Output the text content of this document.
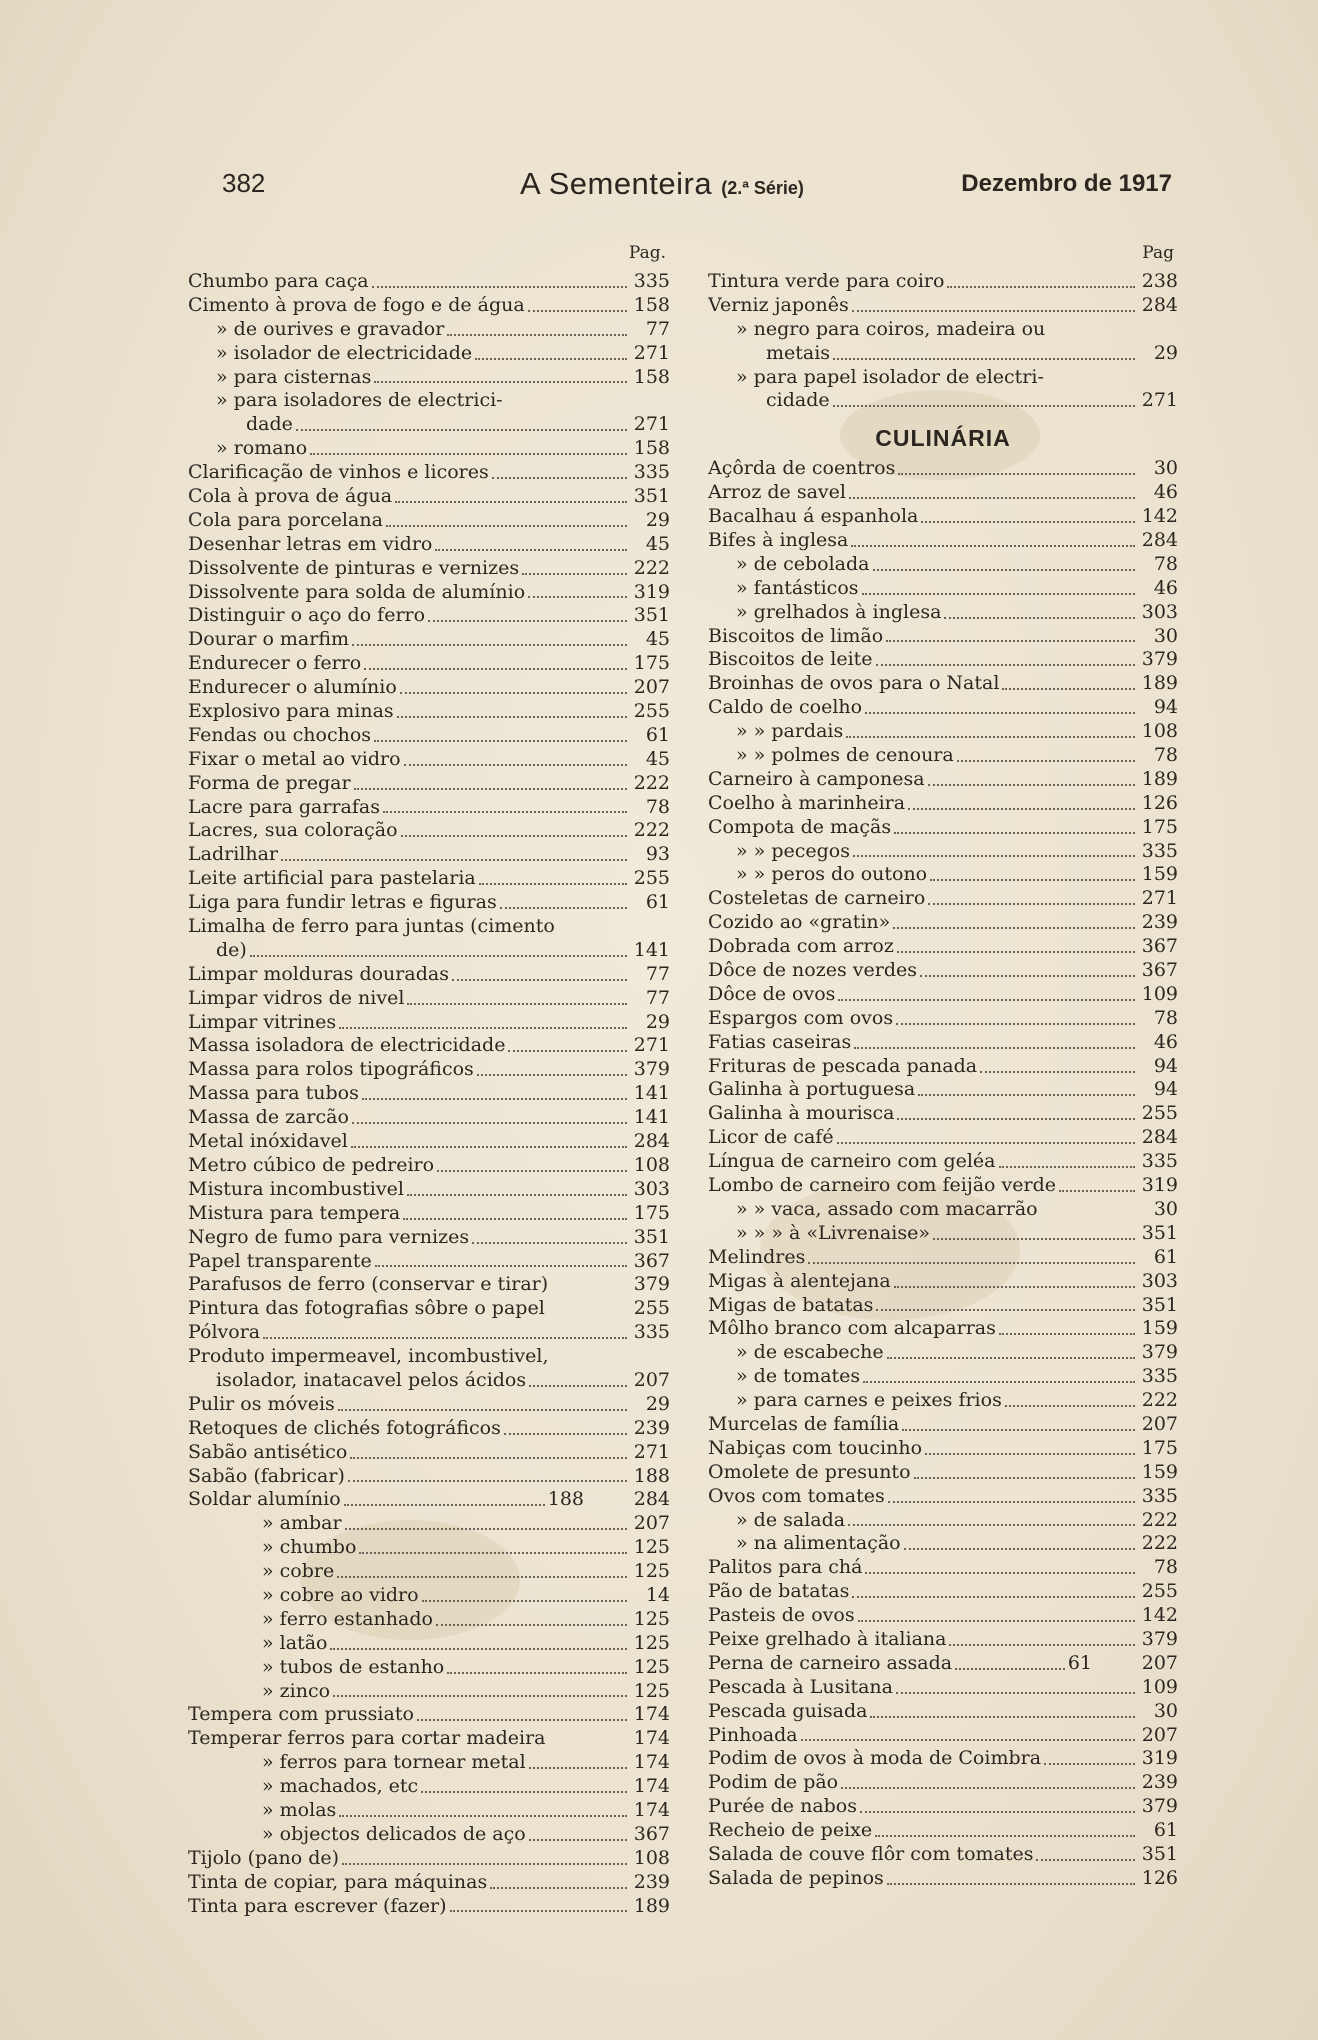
382	A Sementeira (2.ª Série)	Dezembro de 1917
Pag.
Chumbo para caça	335
Cimento à prova de fogo e de água	158
» de ourives e gravador	77
» isolador de electricidade	271
» para cisternas	158
» para isoladores de electrici-
dade	271
» romano	158
Clarificação de vinhos e licores	335
Cola à prova de água	351
Cola para porcelana	29
Desenhar letras em vidro	45
Dissolvente de pinturas e vernizes	222
Dissolvente para solda de alumínio	319
Distinguir o aço do ferro	351
Dourar o marfim	45
Endurecer o ferro	175
Endurecer o alumínio	207
Explosivo para minas	255
Fendas ou chochos	61
Fixar o metal ao vidro	45
Forma de pregar	222
Lacre para garrafas	78
Lacres, sua coloração	222
Ladrilhar	93
Leite artificial para pastelaria	255
Liga para fundir letras e figuras	61
Limalha de ferro para juntas (cimento
de)	141
Limpar molduras douradas	77
Limpar vidros de nivel	77
Limpar vitrines	29
Massa isoladora de electricidade	271
Massa para rolos tipográficos	379
Massa para tubos	141
Massa de zarcão	141
Metal inóxidavel	284
Metro cúbico de pedreiro	108
Mistura incombustivel	303
Mistura para tempera	175
Negro de fumo para vernizes	351
Papel transparente	367
Parafusos de ferro (conservar e tirar)	379
Pintura das fotografias sôbre o papel	255
Pólvora	335
Produto impermeavel, incombustivel,
isolador, inatacavel pelos ácidos	207
Pulir os móveis	29
Retoques de clichés fotográficos	239
Sabão antisético	271
Sabão (fabricar)	188
Soldar alumínio	188	284
» ambar	207
» chumbo	125
» cobre	125
» cobre ao vidro	14
» ferro estanhado	125
» latão	125
» tubos de estanho	125
» zinco	125
Tempera com prussiato	174
Temperar ferros para cortar madeira	174
» ferros para tornear metal	174
» machados, etc	174
» molas	174
» objectos delicados de aço	367
Tijolo (pano de)	108
Tinta de copiar, para máquinas	239
Tinta para escrever (fazer)	189
Pag
Tintura verde para coiro	238
Verniz japonês	284
» negro para coiros, madeira ou
metais	29
» para papel isolador de electri-
cidade	271
CULINÁRIA
Açôrda de coentros	30
Arroz de savel	46
Bacalhau á espanhola	142
Bifes à inglesa	284
» de cebolada	78
» fantásticos	46
» grelhados à inglesa	303
Biscoitos de limão	30
Biscoitos de leite	379
Broinhas de ovos para o Natal	189
Caldo de coelho	94
» » pardais	108
» » polmes de cenoura	78
Carneiro à camponesa	189
Coelho à marinheira	126
Compota de maçãs	175
» » pecegos	335
» » peros do outono	159
Costeletas de carneiro	271
Cozido ao «gratin»	239
Dobrada com arroz	367
Dôce de nozes verdes	367
Dôce de ovos	109
Espargos com ovos	78
Fatias caseiras	46
Frituras de pescada panada	94
Galinha à portuguesa	94
Galinha à mourisca	255
Licor de café	284
Língua de carneiro com geléa	335
Lombo de carneiro com feijão verde	319
» » vaca, assado com macarrão	30
» » » à «Livrenaise»	351
Melindres	61
Migas à alentejana	303
Migas de batatas	351
Môlho branco com alcaparras	159
» de escabeche	379
» de tomates	335
» para carnes e peixes frios	222
Murcelas de família	207
Nabiças com toucinho	175
Omolete de presunto	159
Ovos com tomates	335
» de salada	222
» na alimentação	222
Palitos para chá	78
Pão de batatas	255
Pasteis de ovos	142
Peixe grelhado à italiana	379
Perna de carneiro assada	61	207
Pescada à Lusitana	109
Pescada guisada	30
Pinhoada	207
Podim de ovos à moda de Coimbra	319
Podim de pão	239
Purée de nabos	379
Recheio de peixe	61
Salada de couve flôr com tomates	351
Salada de pepinos	126
